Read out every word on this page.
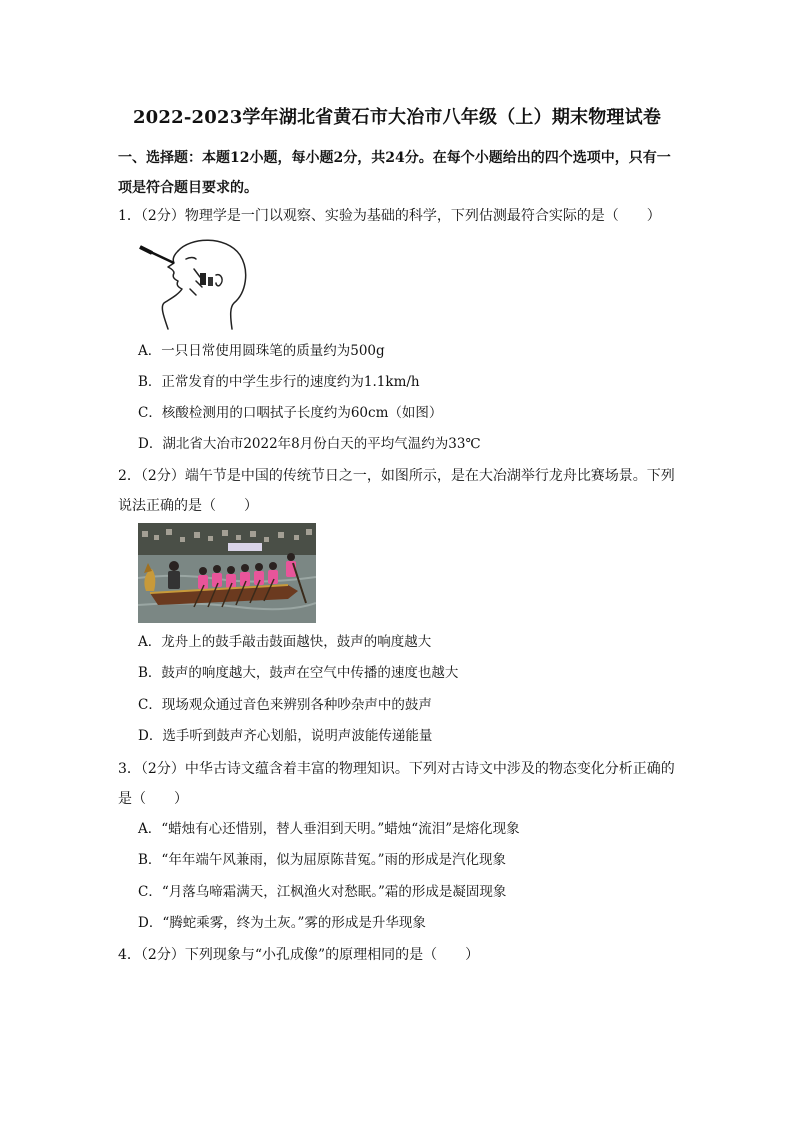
2022-2023学年湖北省黄石市大冶市八年级（上）期末物理试卷
一、选择题：本题12小题，每小题2分，共24分。在每个小题给出的四个选项中，只有一项是符合题目要求的。
1．（2分）物理学是一门以观察、实验为基础的科学，下列估测最符合实际的是（　　）
A．一只日常使用圆珠笔的质量约为500g
B．正常发育的中学生步行的速度约为1.1km/h
C．核酸检测用的口咽拭子长度约为60cm（如图）
D．湖北省大冶市2022年8月份白天的平均气温约为33℃
2．（2分）端午节是中国的传统节日之一，如图所示，是在大冶湖举行龙舟比赛场景。下列说法正确的是（　　）
A．龙舟上的鼓手敲击鼓面越快，鼓声的响度越大
B．鼓声的响度越大，鼓声在空气中传播的速度也越大
C．现场观众通过音色来辨别各种吵杂声中的鼓声
D．选手听到鼓声齐心划船，说明声波能传递能量
3．（2分）中华古诗文蕴含着丰富的物理知识。下列对古诗文中涉及的物态变化分析正确的是（　　）
A．“蜡烛有心还惜别，替人垂泪到天明。”蜡烛“流泪”是熔化现象
B．“年年端午风兼雨，似为屈原陈昔冤。”雨的形成是汽化现象
C．“月落乌啼霜满天，江枫渔火对愁眠。”霜的形成是凝固现象
D．“腾蛇乘雾，终为土灰。”雾的形成是升华现象
4．（2分）下列现象与“小孔成像”的原理相同的是（　　）
